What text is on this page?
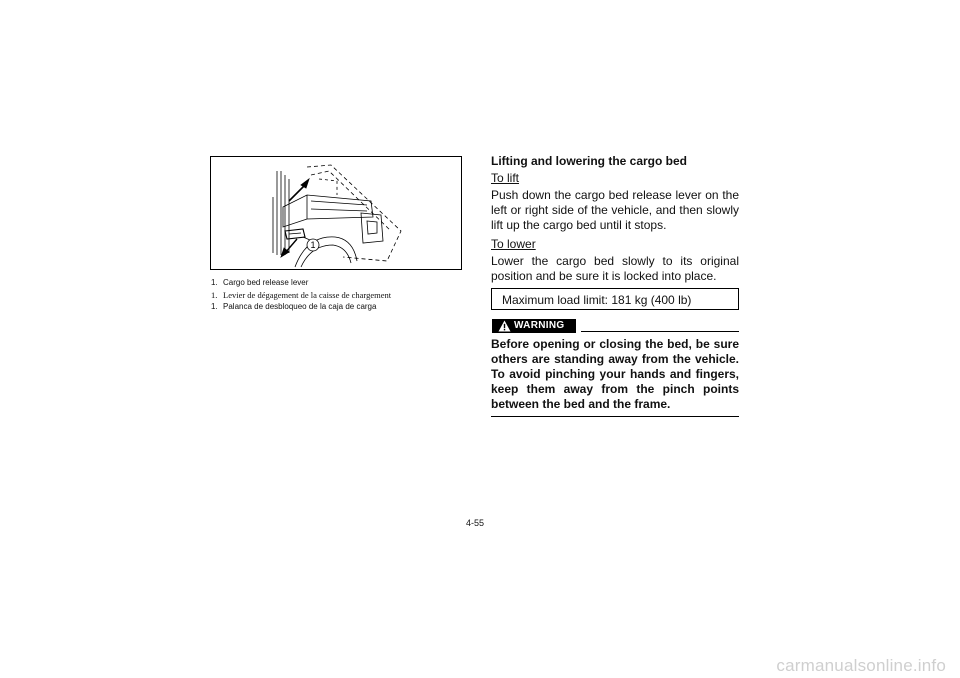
1

1. Cargo bed release lever

1. Levier de dégagement de la caisse de chargement

1. Palanca de desbloqueo de la caja de carga

Lifting and lowering the cargo bed

To lift

Push down the cargo bed release lever on the left or right side of the vehicle, and then slowly lift up the cargo bed until it stops.

To lower

Lower the cargo bed slowly to its original position and be sure it is locked into place.

Maximum load limit: 181 kg (400 lb)
WARNING

Before opening or closing the bed, be sure others are standing away from the vehicle. To avoid pinching your hands and fingers, keep them away from the pinch points between the bed and the frame.

4-55
carmanualsonline.info
